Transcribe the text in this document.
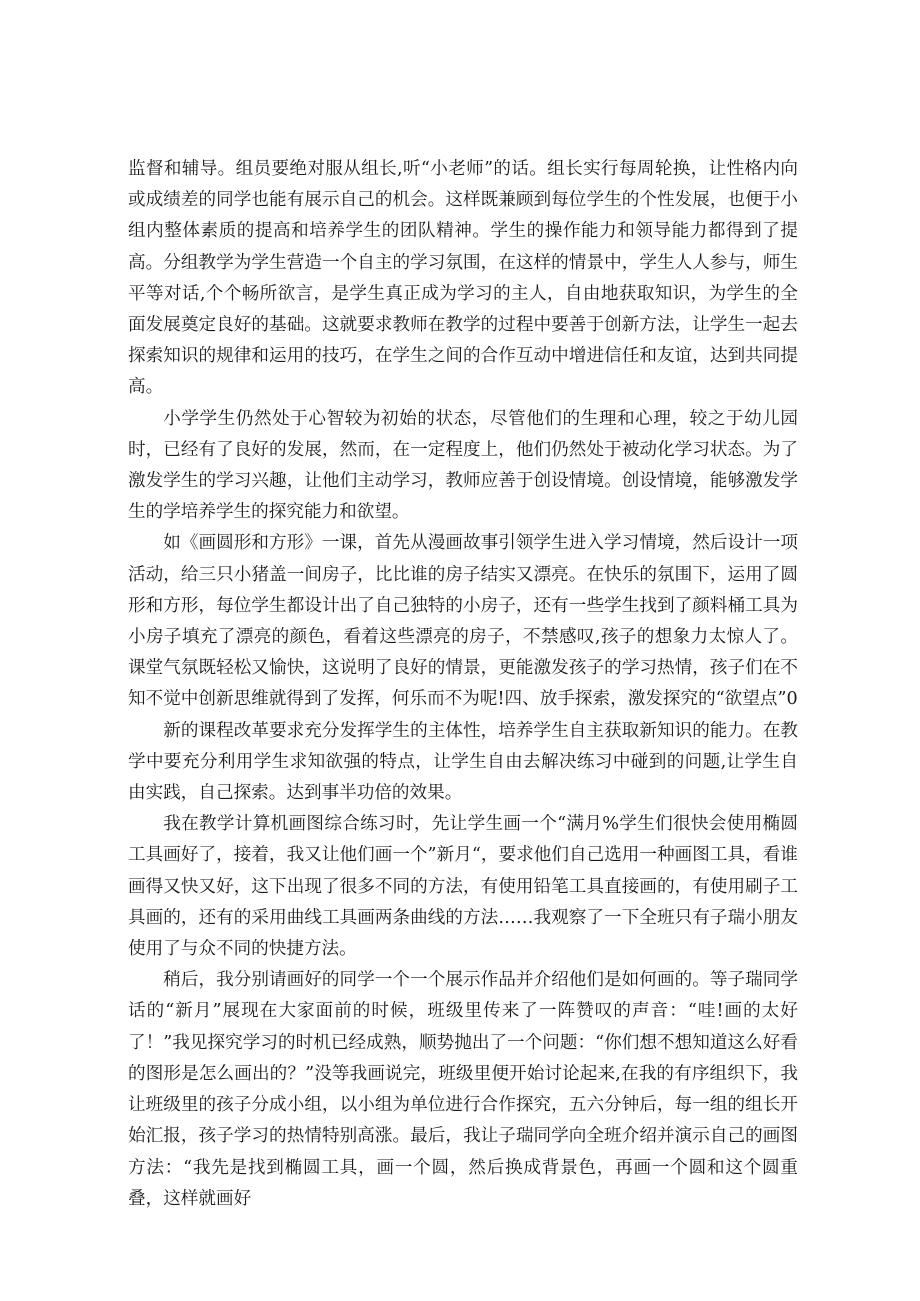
监督和辅导。组员要绝对服从组长,听“小老师”的话。组长实行每周轮换，让性格内向或成绩差的同学也能有展示自己的机会。这样既兼顾到每位学生的个性发展，也便于小组内整体素质的提高和培养学生的团队精神。学生的操作能力和领导能力都得到了提高。分组教学为学生营造一个自主的学习氛围，在这样的情景中，学生人人参与，师生平等对话,个个畅所欲言，是学生真正成为学习的主人，自由地获取知识，为学生的全面发展奠定良好的基础。这就要求教师在教学的过程中要善于创新方法，让学生一起去探索知识的规律和运用的技巧，在学生之间的合作互动中增进信任和友谊，达到共同提高。

小学学生仍然处于心智较为初始的状态，尽管他们的生理和心理，较之于幼儿园时，已经有了良好的发展，然而，在一定程度上，他们仍然处于被动化学习状态。为了激发学生的学习兴趣，让他们主动学习，教师应善于创设情境。创设情境，能够激发学生的学培养学生的探究能力和欲望。

如《画圆形和方形》一课，首先从漫画故事引领学生进入学习情境，然后设计一项活动，给三只小猪盖一间房子，比比谁的房子结实又漂亮。在快乐的氛围下，运用了圆形和方形，每位学生都设计出了自己独特的小房子，还有一些学生找到了颜料桶工具为小房子填充了漂亮的颜色，看着这些漂亮的房子，不禁感叹,孩子的想象力太惊人了。课堂气氛既轻松又愉快，这说明了良好的情景，更能激发孩子的学习热情，孩子们在不知不觉中创新思维就得到了发挥，何乐而不为呢!四、放手探索，激发探究的“欲望点”0

新的课程改革要求充分发挥学生的主体性，培养学生自主获取新知识的能力。在教学中要充分利用学生求知欲强的特点，让学生自由去解决练习中碰到的问题,让学生自由实践，自己探索。达到事半功倍的效果。

我在教学计算机画图综合练习时，先让学生画一个“满月%学生们很快会使用椭圆工具画好了，接着，我又让他们画一个”新月“，要求他们自己选用一种画图工具，看谁画得又快又好，这下出现了很多不同的方法，有使用铅笔工具直接画的，有使用刷子工具画的，还有的采用曲线工具画两条曲线的方法……我观察了一下全班只有子瑞小朋友使用了与众不同的快捷方法。

稍后，我分别请画好的同学一个一个展示作品并介绍他们是如何画的。等子瑞同学话的“新月”展现在大家面前的时候，班级里传来了一阵赞叹的声音：“哇!画的太好了！”我见探究学习的时机已经成熟，顺势抛出了一个问题：“你们想不想知道这么好看的图形是怎么画出的？”没等我画说完，班级里便开始讨论起来,在我的有序组织下，我让班级里的孩子分成小组，以小组为单位进行合作探究，五六分钟后，每一组的组长开始汇报，孩子学习的热情特别高涨。最后，我让子瑞同学向全班介绍并演示自己的画图方法：“我先是找到椭圆工具，画一个圆，然后换成背景色，再画一个圆和这个圆重叠，这样就画好
